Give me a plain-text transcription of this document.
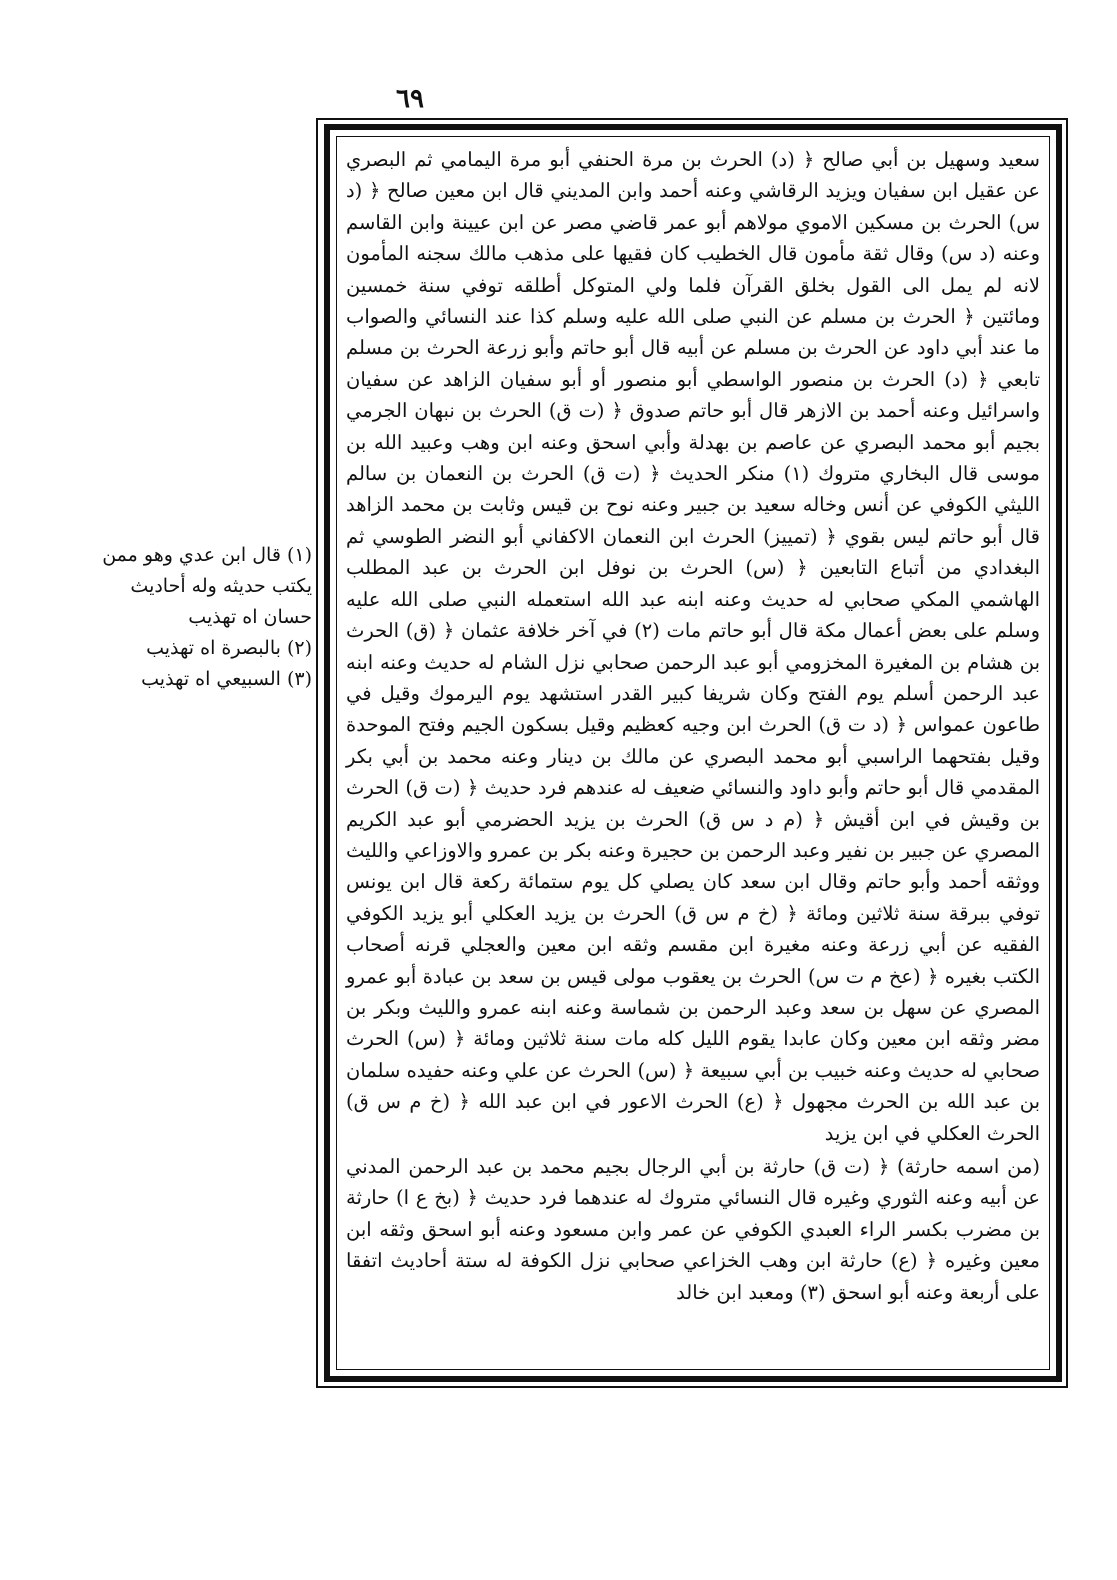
٦٩

سعيد وسهيل بن أبي صالح ﴿ (د) الحرث بن مرة الحنفي أبو مرة اليمامي ثم البصري عن عقيل ابن سفيان ويزيد الرقاشي وعنه أحمد وابن المديني قال ابن معين صالح ﴿ (د س) الحرث بن مسكين الاموي مولاهم أبو عمر قاضي مصر عن ابن عيينة وابن القاسم وعنه (د س) وقال ثقة مأمون قال الخطيب كان فقيها على مذهب مالك سجنه المأمون لانه لم يمل الى القول بخلق القرآن فلما ولي المتوكل أطلقه توفي سنة خمسين ومائتين ﴿ الحرث بن مسلم عن النبي صلى الله عليه وسلم كذا عند النسائي والصواب ما عند أبي داود عن الحرث بن مسلم عن أبيه قال أبو حاتم وأبو زرعة الحرث بن مسلم تابعي ﴿ (د) الحرث بن منصور الواسطي أبو منصور أو أبو سفيان الزاهد عن سفيان واسرائيل وعنه أحمد بن الازهر قال أبو حاتم صدوق ﴿ (ت ق) الحرث بن نبهان الجرمي بجيم أبو محمد البصري عن عاصم بن بهدلة وأبي اسحق وعنه ابن وهب وعبيد الله بن موسى قال البخاري متروك (١) منكر الحديث ﴿ (ت ق) الحرث بن النعمان بن سالم الليثي الكوفي عن أنس وخاله سعيد بن جبير وعنه نوح بن قيس وثابت بن محمد الزاهد قال أبو حاتم ليس بقوي ﴿ (تمييز) الحرث ابن النعمان الاكفاني أبو النضر الطوسي ثم البغدادي من أتباع التابعين ﴿ (س) الحرث بن نوفل ابن الحرث بن عبد المطلب الهاشمي المكي صحابي له حديث وعنه ابنه عبد الله استعمله النبي صلى الله عليه وسلم على بعض أعمال مكة قال أبو حاتم مات (٢) في آخر خلافة عثمان ﴿ (ق) الحرث بن هشام بن المغيرة المخزومي أبو عبد الرحمن صحابي نزل الشام له حديث وعنه ابنه عبد الرحمن أسلم يوم الفتح وكان شريفا كبير القدر استشهد يوم اليرموك وقيل في طاعون عمواس ﴿ (د ت ق) الحرث ابن وجيه كعظيم وقيل بسكون الجيم وفتح الموحدة وقيل بفتحهما الراسبي أبو محمد البصري عن مالك بن دينار وعنه محمد بن أبي بكر المقدمي قال أبو حاتم وأبو داود والنسائي ضعيف له عندهم فرد حديث ﴿ (ت ق) الحرث بن وقيش في ابن أقيش ﴿ (م د س ق) الحرث بن يزيد الحضرمي أبو عبد الكريم المصري عن جبير بن نفير وعبد الرحمن بن حجيرة وعنه بكر بن عمرو والاوزاعي والليث ووثقه أحمد وأبو حاتم وقال ابن سعد كان يصلي كل يوم ستمائة ركعة قال ابن يونس توفي ببرقة سنة ثلاثين ومائة ﴿ (خ م س ق) الحرث بن يزيد العكلي أبو يزيد الكوفي الفقيه عن أبي زرعة وعنه مغيرة ابن مقسم وثقه ابن معين والعجلي قرنه أصحاب الكتب بغيره ﴿ (عخ م ت س) الحرث بن يعقوب مولى قيس بن سعد بن عبادة أبو عمرو المصري عن سهل بن سعد وعبد الرحمن بن شماسة وعنه ابنه عمرو والليث وبكر بن مضر وثقه ابن معين وكان عابدا يقوم الليل كله مات سنة ثلاثين ومائة ﴿ (س) الحرث صحابي له حديث وعنه خبيب بن أبي سبيعة ﴿ (س) الحرث عن علي وعنه حفيده سلمان بن عبد الله بن الحرث مجهول ﴿ (ع) الحرث الاعور في ابن عبد الله ﴿ (خ م س ق) الحرث العكلي في ابن يزيد

(من اسمه حارثة) ﴿ (ت ق) حارثة بن أبي الرجال بجيم محمد بن عبد الرحمن المدني عن أبيه وعنه الثوري وغيره قال النسائي متروك له عندهما فرد حديث ﴿ (بخ ع ا) حارثة بن مضرب بكسر الراء العبدي الكوفي عن عمر وابن مسعود وعنه أبو اسحق وثقه ابن معين وغيره ﴿ (ع) حارثة ابن وهب الخزاعي صحابي نزل الكوفة له ستة أحاديث اتفقا على أربعة وعنه أبو اسحق (٣) ومعبد ابن خالد

(١) قال ابن عدي وهو ممن يكتب حديثه وله أحاديث حسان اه تهذيب

(٢) بالبصرة اه تهذيب

(٣) السبيعي اه تهذيب
